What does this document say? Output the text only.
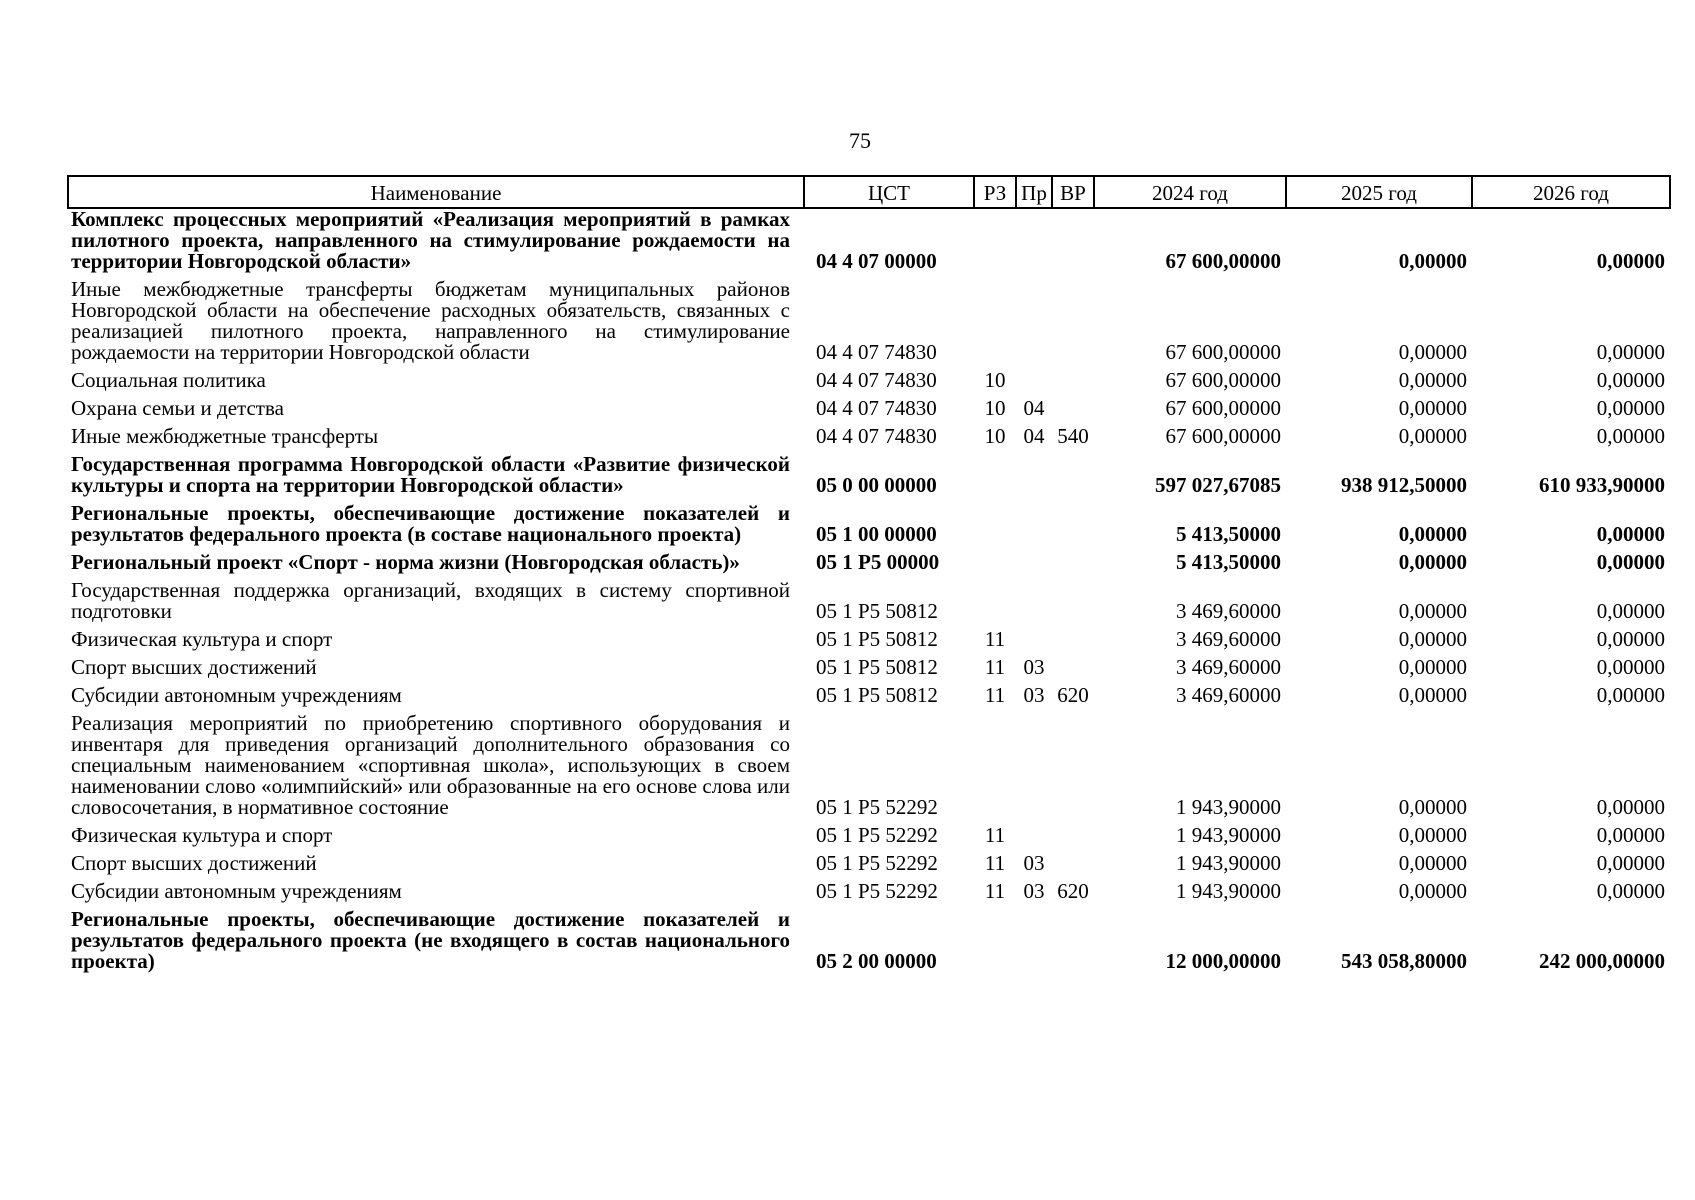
75
Наименование	ЦСТ	РЗ	Пр	ВР	2024 год	2025 год	2026 год
Комплекс процессных мероприятий «Реализация мероприятий в рамках пилотного проекта, направленного на стимулирование рождаемости на территории Новгородской области»	04 4 07 00000				67 600,00000	0,00000	0,00000
Иные межбюджетные трансферты бюджетам муниципальных районов Новгородской области на обеспечение расходных обязательств, связанных с реализацией пилотного проекта, направленного на стимулирование рождаемости на территории Новгородской области	04 4 07 74830				67 600,00000	0,00000	0,00000
Социальная политика	04 4 07 74830	10			67 600,00000	0,00000	0,00000
Охрана семьи и детства	04 4 07 74830	10	04		67 600,00000	0,00000	0,00000
Иные межбюджетные трансферты	04 4 07 74830	10	04	540	67 600,00000	0,00000	0,00000
Государственная программа Новгородской области «Развитие физической культуры и спорта на территории Новгородской области»	05 0 00 00000				597 027,67085	938 912,50000	610 933,90000
Региональные проекты, обеспечивающие достижение показателей и результатов федерального проекта (в составе национального проекта)	05 1 00 00000				5 413,50000	0,00000	0,00000
Региональный проект «Спорт - норма жизни (Новгородская область)»	05 1 P5 00000				5 413,50000	0,00000	0,00000
Государственная поддержка организаций, входящих в систему спортивной подготовки	05 1 P5 50812				3 469,60000	0,00000	0,00000
Физическая культура и спорт	05 1 P5 50812	11			3 469,60000	0,00000	0,00000
Спорт высших достижений	05 1 P5 50812	11	03		3 469,60000	0,00000	0,00000
Субсидии автономным учреждениям	05 1 P5 50812	11	03	620	3 469,60000	0,00000	0,00000
Реализация мероприятий по приобретению спортивного оборудования и инвентаря для приведения организаций дополнительного образования со специальным наименованием «спортивная школа», использующих в своем наименовании слово «олимпийский» или образованные на его основе слова или словосочетания, в нормативное состояние	05 1 P5 52292				1 943,90000	0,00000	0,00000
Физическая культура и спорт	05 1 P5 52292	11			1 943,90000	0,00000	0,00000
Спорт высших достижений	05 1 P5 52292	11	03		1 943,90000	0,00000	0,00000
Субсидии автономным учреждениям	05 1 P5 52292	11	03	620	1 943,90000	0,00000	0,00000
Региональные проекты, обеспечивающие достижение показателей и результатов федерального проекта (не входящего в состав национального проекта)	05 2 00 00000				12 000,00000	543 058,80000	242 000,00000
